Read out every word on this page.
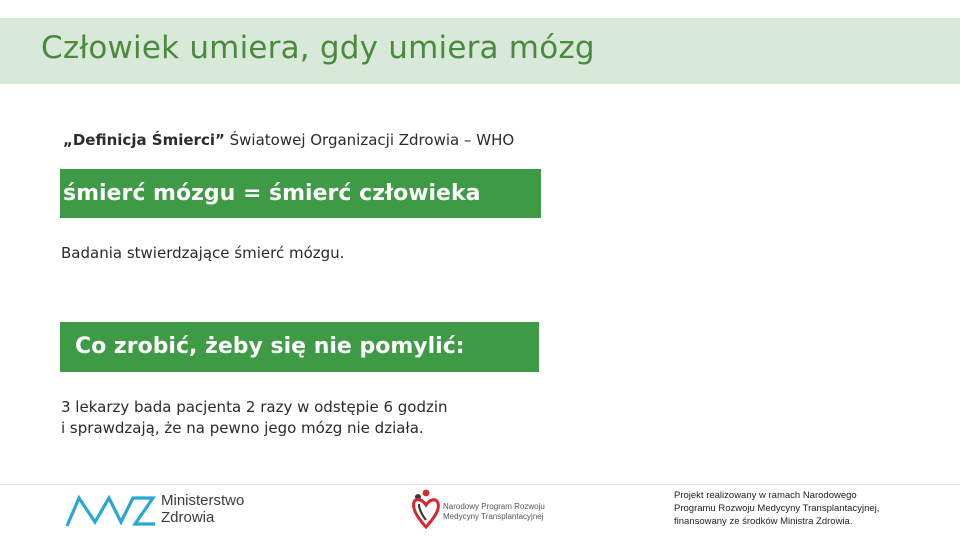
Człowiek umiera, gdy umiera mózg
„Definicja Śmierci” Światowej Organizacji Zdrowia – WHO
śmierć mózgu = śmierć człowieka
Badania stwierdzające śmierć mózgu.
Co zrobić, żeby się nie pomylić:
3 lekarzy bada pacjenta 2 razy w odstępie 6 godzin
i sprawdzają, że na pewno jego mózg nie działa.
Ministerstwo
Zdrowia
Narodowy Program Rozwoju
Medycyny Transplantacyjnej
Projekt realizowany w ramach Narodowego
Programu Rozwoju Medycyny Transplantacyjnej,
finansowany ze środków Ministra Zdrowia.
